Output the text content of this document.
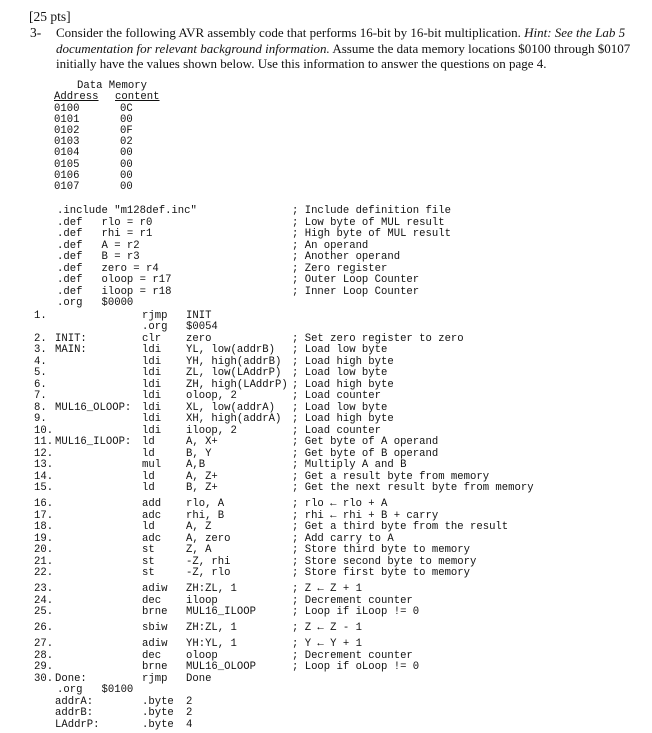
[25 pts]
3- Consider the following AVR assembly code that performs 16-bit by 16-bit multiplication. Hint: See the Lab 5 documentation for relevant background information. Assume the data memory locations $0100 through $0107 initially have the values shown below. Use this information to answer the questions on page 4.
Data Memory
Address content
0100	0C
0101	00
0102	0F
0103	02
0104	00
0105	00
0106	00
0107	00
.include "m128def.inc"	; Include definition file
.def   rlo = r0	; Low byte of MUL result
.def   rhi = r1	; High byte of MUL result
.def   A = r2	; An operand
.def   B = r3	; Another operand
.def   zero = r4	; Zero register
.def   oloop = r17	; Outer Loop Counter
.def   iloop = r18	; Inner Loop Counter
.org   $0000
1.	rjmp INIT
.org $0054
2. INIT:	clr zero	; Set zero register to zero
3. MAIN:	ldi YL, low(addrB) ; Load low byte
4.	ldi YH, high(addrB) ; Load high byte
5.	ldi ZL, low(LAddrP) ; Load low byte
6.	ldi ZH, high(LAddrP) ; Load high byte
7.	ldi oloop, 2	; Load counter
8. MUL16_OLOOP: ldi XL, low(addrA) ; Load low byte
9.	ldi XH, high(addrA) ; Load high byte
10.	ldi iloop, 2	; Load counter
11. MUL16_ILOOP: ld	A, X+	; Get byte of A operand
12.	ld	B, Y	; Get byte of B operand
13.	mul A,B	; Multiply A and B
14.	ld	A, Z+	; Get a result byte from memory
15.	ld	B, Z+	; Get the next result byte from memory
16.	add rlo, A	; rlo ← rlo + A
17.	adc rhi, B	; rhi ← rhi + B + carry
18.	ld	A, Z	; Get a third byte from the result
19.	adc A, zero	; Add carry to A
20.	st	Z, A	; Store third byte to memory
21.	st	-Z, rhi	; Store second byte to memory
22.	st	-Z, rlo	; Store first byte to memory
23.	adiw ZH:ZL, 1	; Z ← Z + 1
24.	dec iloop	; Decrement counter
25.	brne MUL16_ILOOP	; Loop if iLoop != 0
26.	sbiw ZH:ZL, 1	; Z ← Z - 1
27.	adiw YH:YL, 1	; Y ← Y + 1
28.	dec oloop	; Decrement counter
29.	brne MUL16_OLOOP	; Loop if oLoop != 0
30. Done:	rjmp Done
.org   $0100
addrA:	.byte 2
addrB:	.byte 2
LAddrP:	.byte 4
